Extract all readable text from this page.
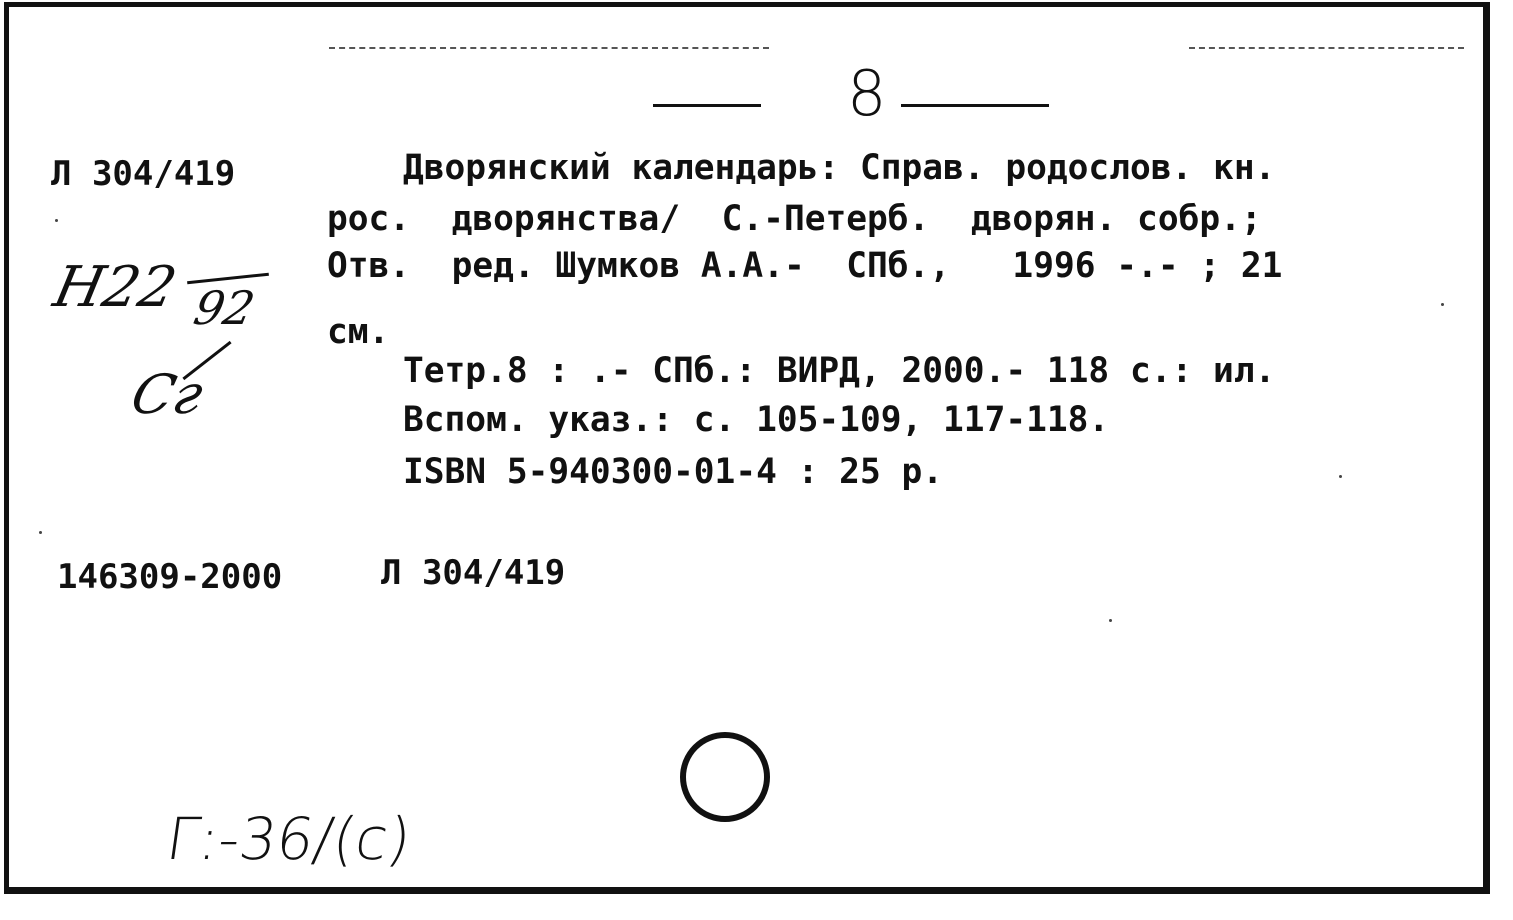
8
Л 304/419	Дворянский календарь: Справ. родослов. кн.
рос.  дворянства/  С.-Петерб.  дворян. собр.;
Отв.  ред. Шумков А.А.-  СПб.,   1996 -.- ; 21
см.
Тетр.8 : .- СПб.: ВИРД, 2000.- 118 с.: ил.
Вспом. указ.: с. 105-109, 117-118.
ISBN 5-940300-01-4 : 25 р.
146309-2000	Л 304/419
Н22 92
Сг
Г:-36/(с)
